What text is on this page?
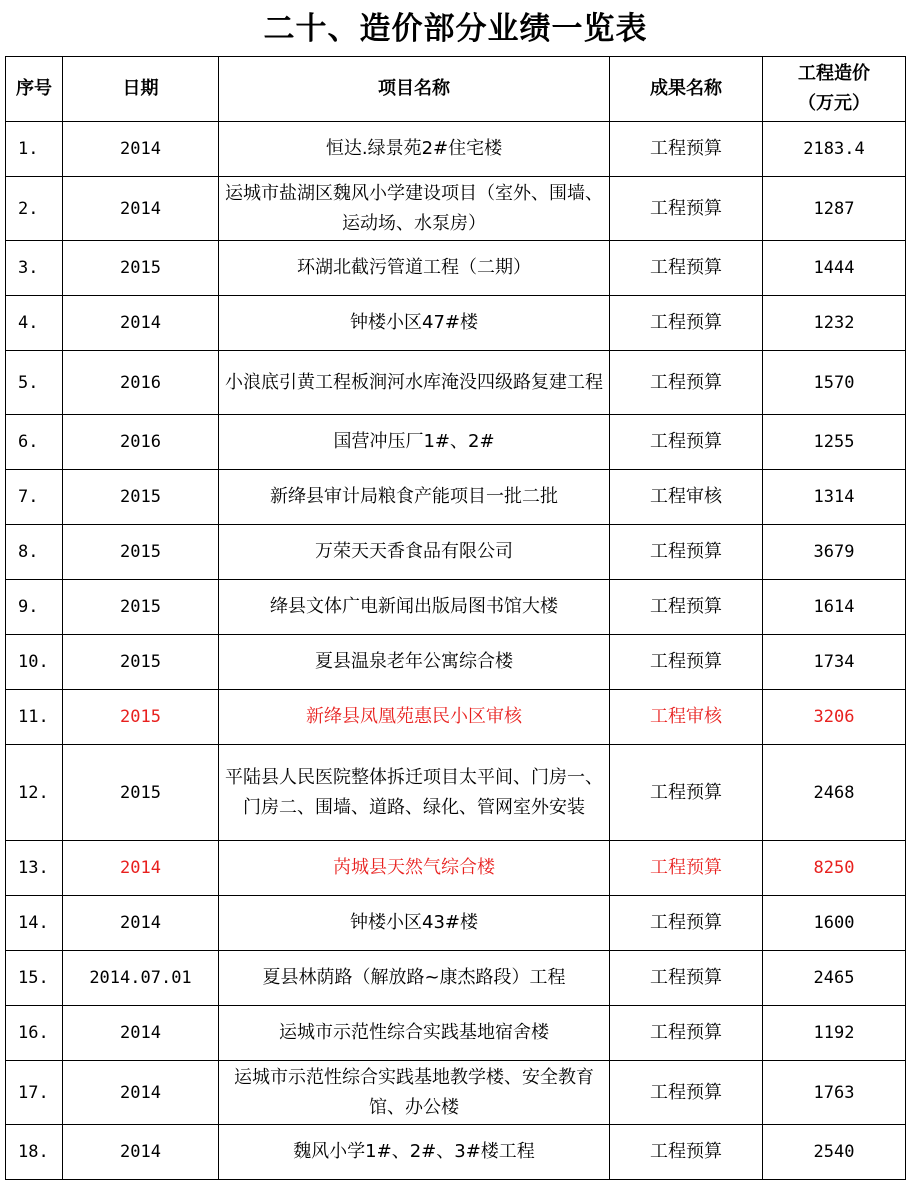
二十、造价部分业绩一览表
序号	日期	项目名称	成果名称	工程造价
（万元）
1.	2014	恒达.绿景苑2#住宅楼	工程预算	2183.4
2.	2014	运城市盐湖区魏风小学建设项目（室外、围墙、运动场、水泵房）	工程预算	1287
3.	2015	环湖北截污管道工程（二期）	工程预算	1444
4.	2014	钟楼小区47#楼	工程预算	1232
5.	2016	小浪底引黄工程板涧河水库淹没四级路复建工程	工程预算	1570
6.	2016	国营冲压厂1#、2#	工程预算	1255
7.	2015	新绛县审计局粮食产能项目一批二批	工程审核	1314
8.	2015	万荣天天香食品有限公司	工程预算	3679
9.	2015	绛县文体广电新闻出版局图书馆大楼	工程预算	1614
10.	2015	夏县温泉老年公寓综合楼	工程预算	1734
11.	2015	新绛县凤凰苑惠民小区审核	工程审核	3206
12.	2015	平陆县人民医院整体拆迁项目太平间、门房一、门房二、围墙、道路、绿化、管网室外安装	工程预算	2468
13.	2014	芮城县天然气综合楼	工程预算	8250
14.	2014	钟楼小区43#楼	工程预算	1600
15.	2014.07.01	夏县林荫路（解放路~康杰路段）工程	工程预算	2465
16.	2014	运城市示范性综合实践基地宿舍楼	工程预算	1192
17.	2014	运城市示范性综合实践基地教学楼、安全教育馆、办公楼	工程预算	1763
18.	2014	魏风小学1#、2#、3#楼工程	工程预算	2540
